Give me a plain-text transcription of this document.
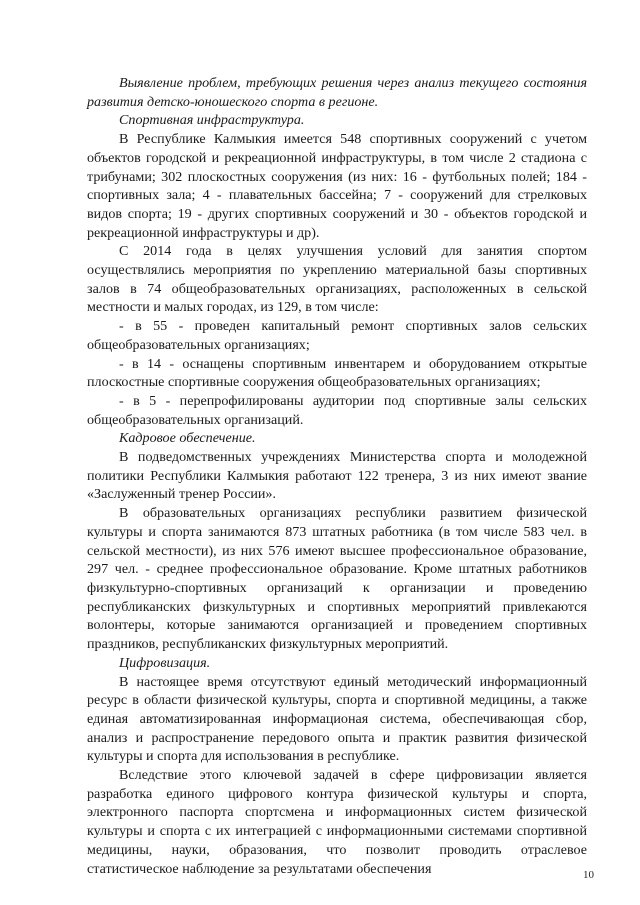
Выявление проблем, требующих решения через анализ текущего состояния развития детско-юношеского спорта в регионе.

Спортивная инфраструктура.

В Республике Калмыкия имеется 548 спортивных сооружений с учетом объектов городской и рекреационной инфраструктуры, в том числе 2 стадиона с трибунами; 302 плоскостных сооружения (из них: 16 - футбольных полей; 184 - спортивных зала; 4 - плавательных бассейна; 7 - сооружений для стрелковых видов спорта; 19 - других спортивных сооружений и 30 - объектов городской и рекреационной инфраструктуры и др).

С 2014 года в целях улучшения условий для занятия спортом осуществлялись мероприятия по укреплению материальной базы спортивных залов в 74 общеобразовательных организациях, расположенных в сельской местности и малых городах, из 129, в том числе:

- в 55 - проведен капитальный ремонт спортивных залов сельских общеобразовательных организациях;

- в 14 - оснащены спортивным инвентарем и оборудованием открытые плоскостные спортивные сооружения общеобразовательных организациях;

- в 5 - перепрофилированы аудитории под спортивные залы сельских общеобразовательных организаций.

Кадровое обеспечение.

В подведомственных учреждениях Министерства спорта и молодежной политики Республики Калмыкия работают 122 тренера, 3 из них имеют звание «Заслуженный тренер России».

В образовательных организациях республики развитием физической культуры и спорта занимаются 873 штатных работника (в том числе 583 чел. в сельской местности), из них 576 имеют высшее профессиональное образование, 297 чел. - среднее профессиональное образование. Кроме штатных работников физкультурно-спортивных организаций к организации и проведению республиканских физкультурных и спортивных мероприятий привлекаются волонтеры, которые занимаются организацией и проведением спортивных праздников, республиканских физкультурных мероприятий.

Цифровизация.

В настоящее время отсутствуют единый методический информационный ресурс в области физической культуры, спорта и спортивной медицины, а также единая автоматизированная информационая система, обеспечивающая сбор, анализ и распространение передового опыта и практик развития физической культуры и спорта для использования в республике.

Вследствие этого ключевой задачей в сфере цифровизации является разработка единого цифрового контура физической культуры и спорта, электронного паспорта спортсмена и информационных систем физической культуры и спорта с их интеграцией с информационными системами спортивной медицины, науки, образования, что позволит проводить отраслевое статистическое наблюдение за результатами обеспечения	10
